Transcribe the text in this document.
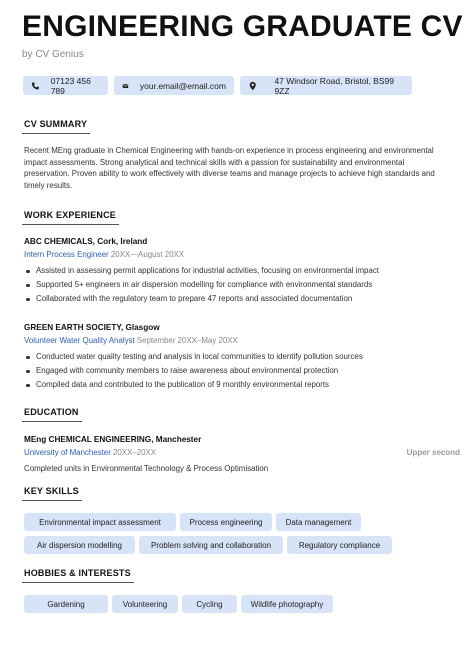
ENGINEERING GRADUATE CV
by CV Genius
07123 456 789	your.email@email.com	47 Windsor Road, Bristol, BS99 9ZZ
CV SUMMARY
Recent MEng graduate in Chemical Engineering with hands-on experience in process engineering and environmental impact assessments. Strong analytical and technical skills with a passion for sustainability and environmental preservation. Proven ability to work effectively with diverse teams and manage projects to achieve high standards and timely results.
WORK EXPERIENCE
ABC CHEMICALS, Cork, Ireland
Intern Process Engineer 20XX—August 20XX
Assisted in assessing permit applications for industrial activities, focusing on environmental impact
Supported 5+ engineers in air dispersion modelling for compliance with environmental standards
Collaborated with the regulatory team to prepare 47 reports and associated documentation
GREEN EARTH SOCIETY, Glasgow
Volunteer Water Quality Analyst September 20XX–May 20XX
Conducted water quality testing and analysis in local communities to identify pollution sources
Engaged with community members to raise awareness about environmental protection
Compiled data and contributed to the publication of 9 monthly environmental reports
EDUCATION
MEng CHEMICAL ENGINEERING, Manchester
University of Manchester 20XX–20XX	Upper second
Completed units in Environmental Technology & Process Optimisation
KEY SKILLS
Environmental impact assessment	Process engineering	Data management
Air dispersion modelling	Problem solving and collaboration	Regulatory compliance
HOBBIES & INTERESTS
Gardening	Volunteering	Cycling	Wildlife photography
